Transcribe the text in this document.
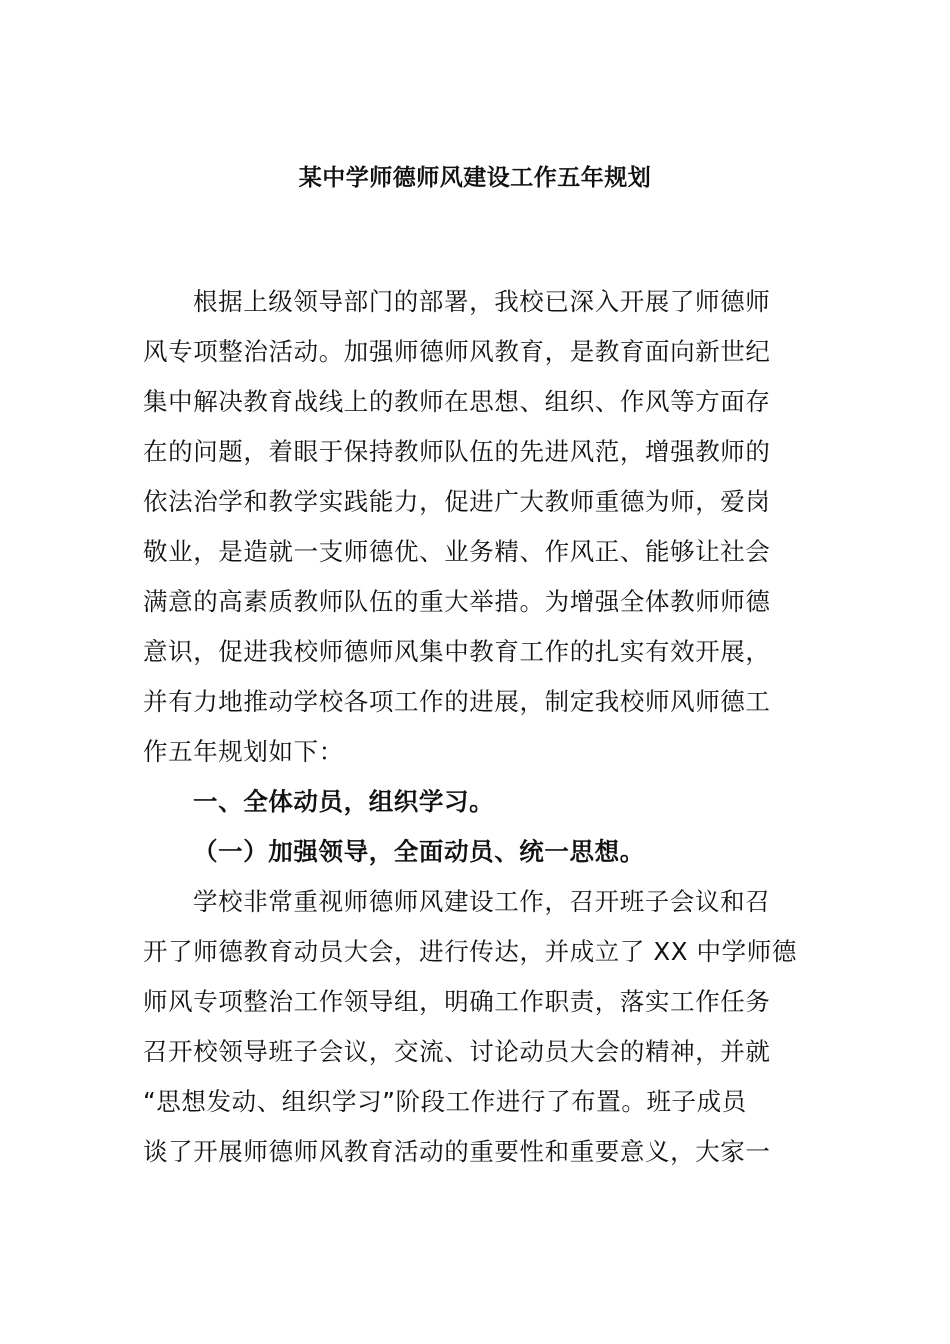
某中学师德师风建设工作五年规划
根据上级领导部门的部署，我校已深入开展了师德师
风专项整治活动。加强师德师风教育，是教育面向新世纪
集中解决教育战线上的教师在思想、组织、作风等方面存
在的问题，着眼于保持教师队伍的先进风范，增强教师的
依法治学和教学实践能力，促进广大教师重德为师，爱岗
敬业，是造就一支师德优、业务精、作风正、能够让社会
满意的高素质教师队伍的重大举措。为增强全体教师师德
意识，促进我校师德师风集中教育工作的扎实有效开展，
并有力地推动学校各项工作的进展，制定我校师风师德工
作五年规划如下：
一、全体动员，组织学习。
（一）加强领导，全面动员、统一思想。
学校非常重视师德师风建设工作，召开班子会议和召
开了师德教育动员大会，进行传达，并成立了 XX 中学师德
师风专项整治工作领导组，明确工作职责，落实工作任务
召开校领导班子会议，交流、讨论动员大会的精神，并就
“思想发动、组织学习”阶段工作进行了布置。班子成员
谈了开展师德师风教育活动的重要性和重要意义，大家一
